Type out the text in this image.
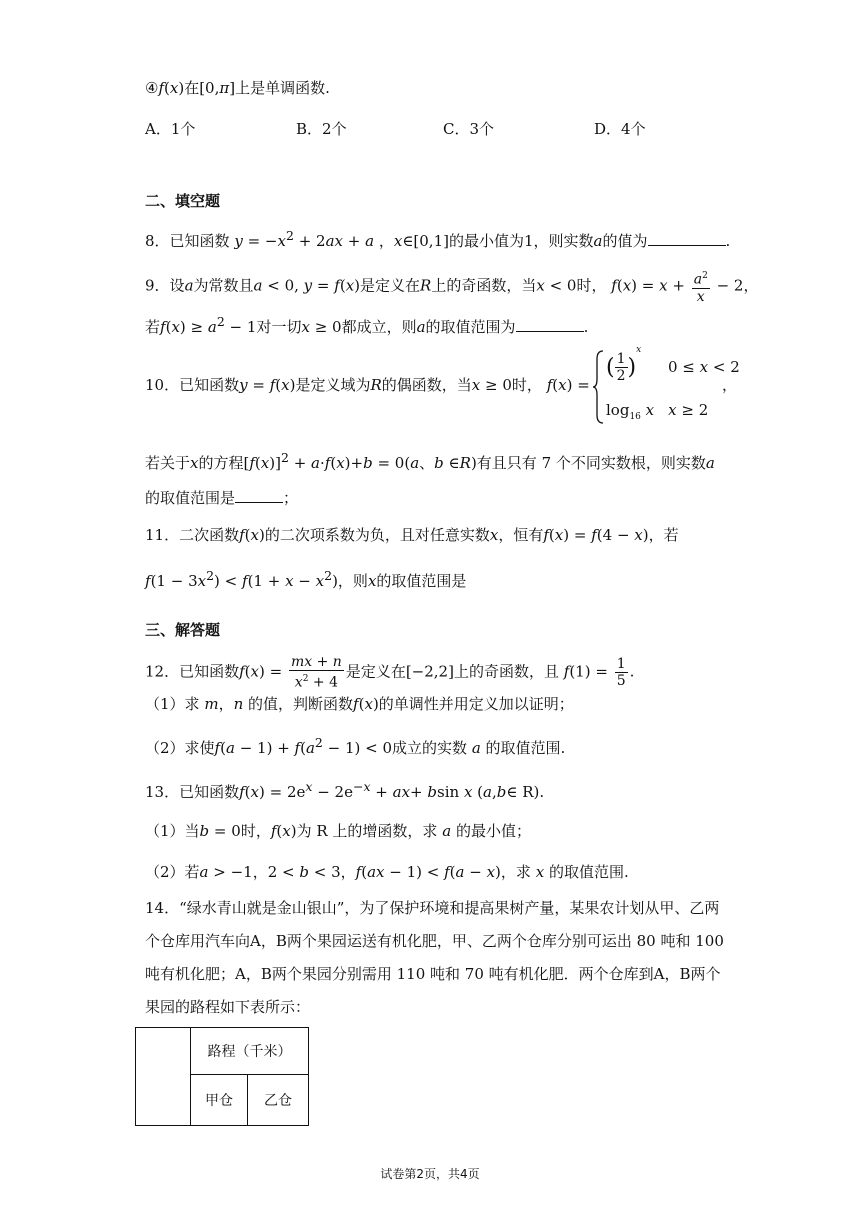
④f(x)在[0,π]上是单调函数.
A．1个	B．2个	C．3个	D．4个
二、填空题
8．已知函数 $y = -x^2 + 2ax + a$ ，x∈[0,1]的最小值为1，则实数a的值为	.
9．设a为常数且a < 0, y = f(x)是定义在R上的奇函数，当x < 0时， $f(x) = x + \frac{a^2}{x} - 2$，
若$f(x) \ge a^2 - 1$对一切x ≥ 0都成立，则a的取值范围为	.
10．已知函数y = f(x)是定义域为R的偶函数，当x ≥ 0时， f(x) =
( $\frac{1}{2} )^x$ 0 ≤ x < 2
$\log_{16} x$ x ≥ 2
，
若关于x的方程$[f(x)]^2 + a\cdot f(x)+b = 0(a$、b ∈R)有且只有 7 个不同实数根，则实数a
的取值范围是	；
11．二次函数f(x)的二次项系数为负，且对任意实数x，恒有f(x) = f(4 − x)，若
$f(1 - 3x^2) < f(1 + x - x^2)$，则x的取值范围是
三、解答题
12．已知函数$f(x) = \frac{mx + n}{x^2 + 4}$ 是定义在[−2,2]上的奇函数，且 $f(1) = \frac{1}{5}$ .
（1）求 m，n 的值，判断函数f(x)的单调性并用定义加以证明；
（2）求使$f(a - 1) + f(a^2 - 1) < 0$成立的实数 a 的取值范围.
13．已知函数$f(x) = 2e^x - 2e^{-x} + ax+ bsin$ x (a,b∈ R).
（1）当b = 0时，f(x)为 R 上的增函数，求 a 的最小值；
（2）若a > −1，2 < b < 3，f(ax − 1) < f(a − x)，求 x 的取值范围.
14．“绿水青山就是金山银山”，为了保护环境和提高果树产量，某果农计划从甲、乙两
个仓库用汽车向A，B两个果园运送有机化肥，甲、乙两个仓库分别可运出 80 吨和 100
吨有机化肥；A，B两个果园分别需用 110 吨和 70 吨有机化肥．两个仓库到A，B两个
果园的路程如下表所示：
	路程（千米）	
	甲仓	乙仓
试卷第2页，共4页
